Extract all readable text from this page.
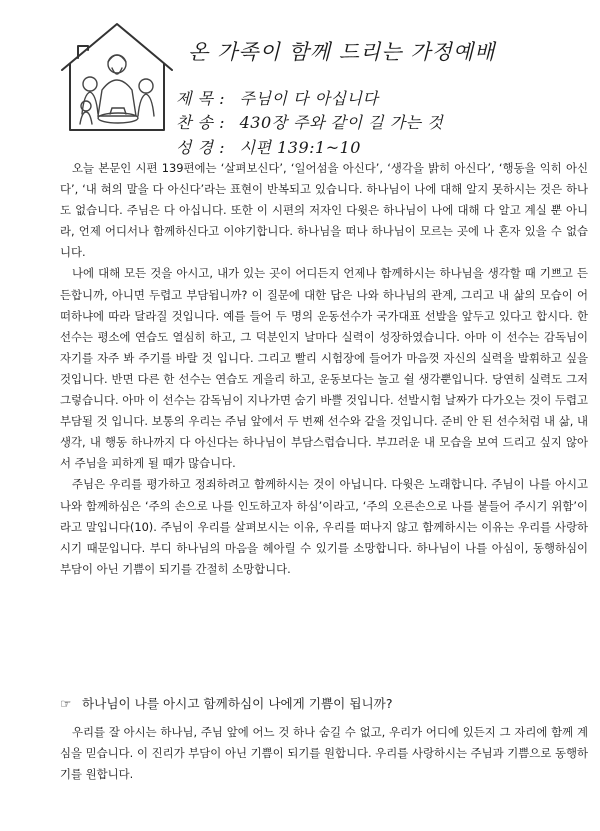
온 가족이 함께 드리는 가정예배
제 목 : 주님이 다 아십니다
찬 송 : 430장 주와 같이 길 가는 것
성 경 : 시편 139:1~10

오늘 본문인 시편 139편에는 ‘살펴보신다’, ‘일어섬을 아신다’, ‘생각을 밝히 아신다’, ‘행동을 익히 아신다’, ‘내 혀의 말을 다 아신다’라는 표현이 반복되고 있습니다. 하나님이 나에 대해 알지 못하시는 것은 하나도 없습니다. 주님은 다 아십니다. 또한 이 시편의 저자인 다윗은 하나님이 나에 대해 다 알고 계실 뿐 아니라, 언제 어디서나 함께하신다고 이야기합니다. 하나님을 떠나 하나님이 모르는 곳에 나 혼자 있을 수 없습니다.

나에 대해 모든 것을 아시고, 내가 있는 곳이 어디든지 언제나 함께하시는 하나님을 생각할 때 기쁘고 든든합니까, 아니면 두렵고 부담됩니까? 이 질문에 대한 답은 나와 하나님의 관계, 그리고 내 삶의 모습이 어떠하냐에 따라 달라질 것입니다. 예를 들어 두 명의 운동선수가 국가대표 선발을 앞두고 있다고 합시다. 한 선수는 평소에 연습도 열심히 하고, 그 덕분인지 날마다 실력이 성장하였습니다. 아마 이 선수는 감독님이 자기를 자주 봐 주기를 바랄 것 입니다. 그리고 빨리 시험장에 들어가 마음껏 자신의 실력을 발휘하고 싶을 것입니다. 반면 다른 한 선수는 연습도 게을리 하고, 운동보다는 놀고 쉴 생각뿐입니다. 당연히 실력도 그저 그렇습니다. 아마 이 선수는 감독님이 지나가면 숨기 바쁠 것입니다. 선발시험 날짜가 다가오는 것이 두렵고 부담될 것 입니다. 보통의 우리는 주님 앞에서 두 번째 선수와 같을 것입니다. 준비 안 된 선수처럼 내 삶, 내 생각, 내 행동 하나까지 다 아신다는 하나님이 부담스럽습니다. 부끄러운 내 모습을 보여 드리고 싶지 않아서 주님을 피하게 될 때가 많습니다.

주님은 우리를 평가하고 정죄하려고 함께하시는 것이 아닙니다. 다윗은 노래합니다. 주님이 나를 아시고 나와 함께하심은 ‘주의 손으로 나를 인도하고자 하심’이라고, ‘주의 오른손으로 나를 붙들어 주시기 위함’이라고 말입니다(10). 주님이 우리를 살펴보시는 이유, 우리를 떠나지 않고 함께하시는 이유는 우리를 사랑하시기 때문입니다. 부디 하나님의 마음을 헤아릴 수 있기를 소망합니다. 하나님이 나를 아심이, 동행하심이 부담이 아닌 기쁨이 되기를 간절히 소망합니다.

☞ 하나님이 나를 아시고 함께하심이 나에게 기쁨이 됩니까?
우리를 잘 아시는 하나님, 주님 앞에 어느 것 하나 숨길 수 없고, 우리가 어디에 있든지 그 자리에 함께 계심을 믿습니다. 이 진리가 부담이 아닌 기쁨이 되기를 원합니다. 우리를 사랑하시는 주님과 기쁨으로 동행하기를 원합니다.
